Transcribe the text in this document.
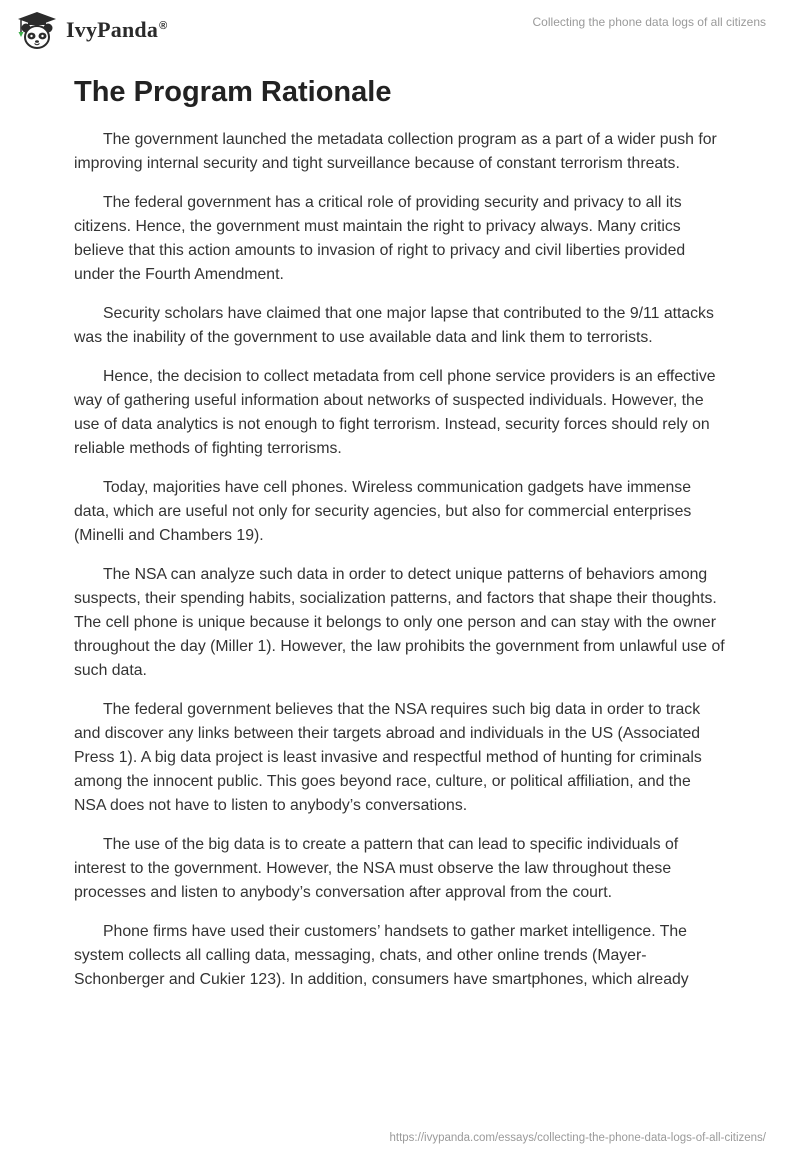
IvyPanda®	Collecting the phone data logs of all citizens
The Program Rationale

The government launched the metadata collection program as a part of a wider push for improving internal security and tight surveillance because of constant terrorism threats.

The federal government has a critical role of providing security and privacy to all its citizens. Hence, the government must maintain the right to privacy always. Many critics believe that this action amounts to invasion of right to privacy and civil liberties provided under the Fourth Amendment.

Security scholars have claimed that one major lapse that contributed to the 9/11 attacks was the inability of the government to use available data and link them to terrorists.

Hence, the decision to collect metadata from cell phone service providers is an effective way of gathering useful information about networks of suspected individuals. However, the use of data analytics is not enough to fight terrorism. Instead, security forces should rely on reliable methods of fighting terrorisms.

Today, majorities have cell phones. Wireless communication gadgets have immense data, which are useful not only for security agencies, but also for commercial enterprises (Minelli and Chambers 19).

The NSA can analyze such data in order to detect unique patterns of behaviors among suspects, their spending habits, socialization patterns, and factors that shape their thoughts. The cell phone is unique because it belongs to only one person and can stay with the owner throughout the day (Miller 1). However, the law prohibits the government from unlawful use of such data.

The federal government believes that the NSA requires such big data in order to track and discover any links between their targets abroad and individuals in the US (Associated Press 1). A big data project is least invasive and respectful method of hunting for criminals among the innocent public. This goes beyond race, culture, or political affiliation, and the NSA does not have to listen to anybody’s conversations.

The use of the big data is to create a pattern that can lead to specific individuals of interest to the government. However, the NSA must observe the law throughout these processes and listen to anybody’s conversation after approval from the court.

Phone firms have used their customers’ handsets to gather market intelligence. The system collects all calling data, messaging, chats, and other online trends (Mayer-Schonberger and Cukier 123). In addition, consumers have smartphones, which already

https://ivypanda.com/essays/collecting-the-phone-data-logs-of-all-citizens/
